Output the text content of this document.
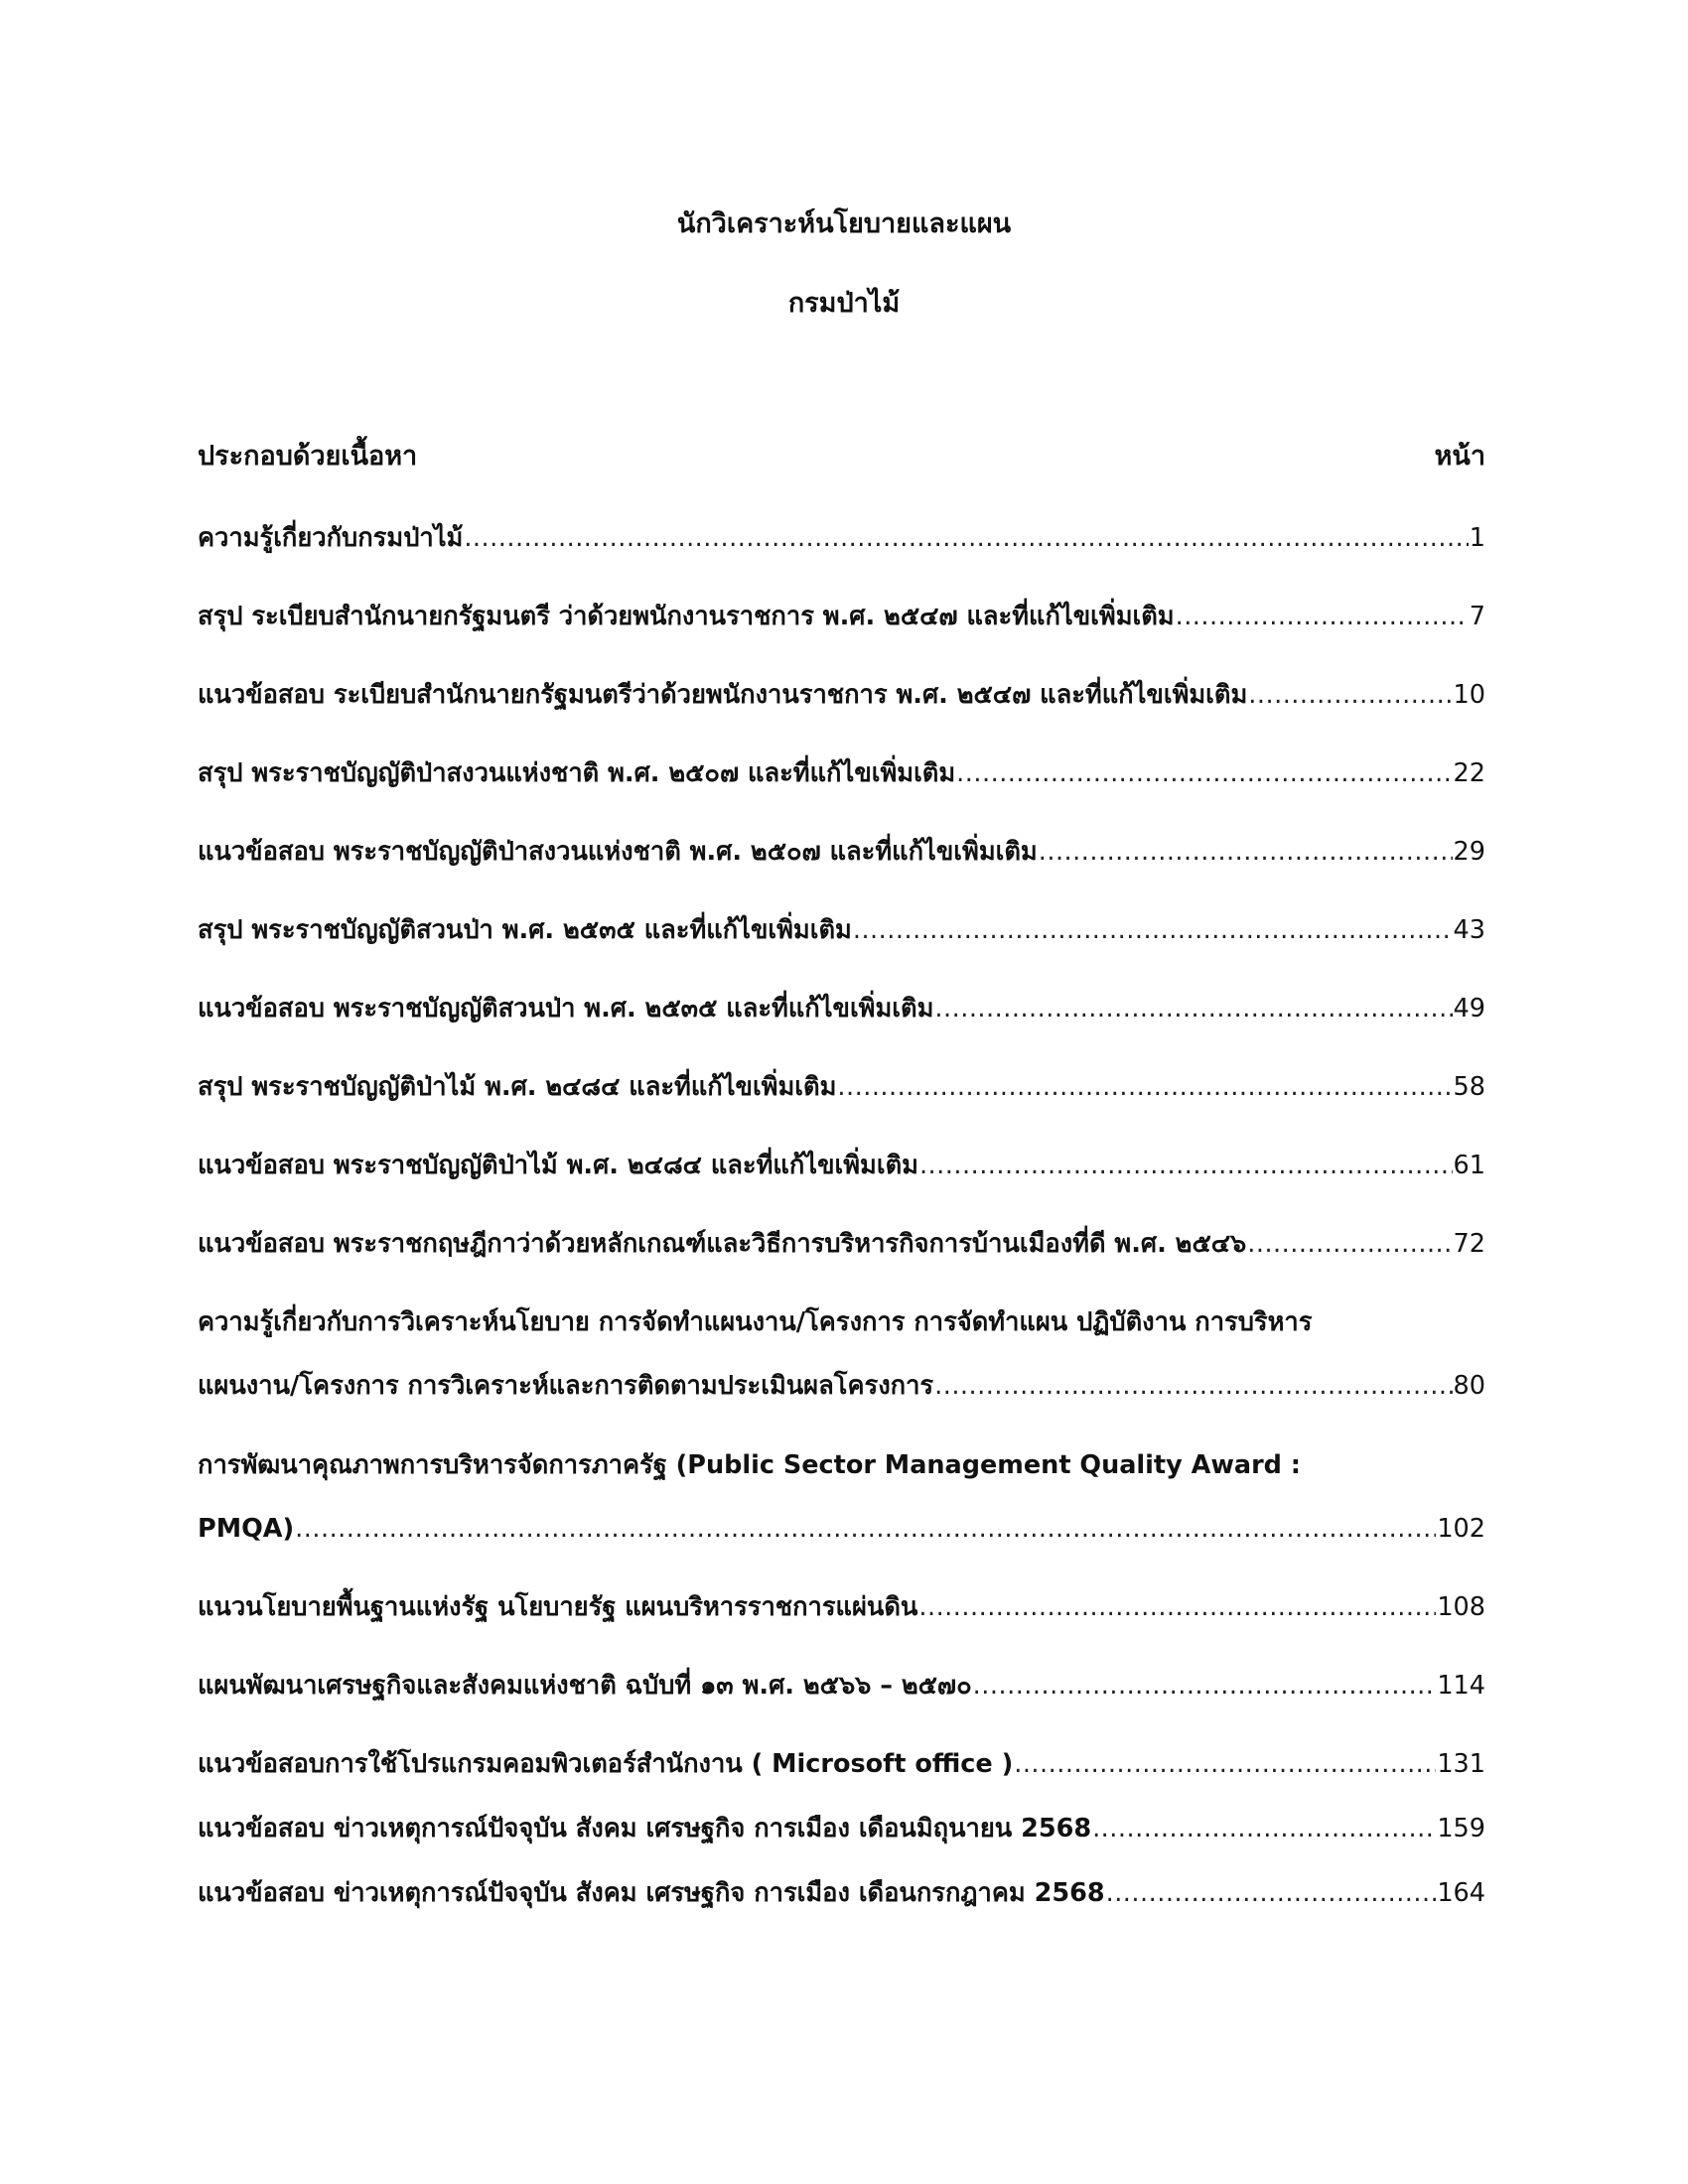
นักวิเคราะห์นโยบายและแผน
กรมป่าไม้
ประกอบด้วยเนื้อหา	หน้า
ความรู้เกี่ยวกับกรมป่าไม้ .....	1
สรุป ระเบียบสำนักนายกรัฐมนตรี ว่าด้วยพนักงานราชการ พ.ศ. ๒๕๔๗ และที่แก้ไขเพิ่มเติม .....	7
แนวข้อสอบ ระเบียบสำนักนายกรัฐมนตรีว่าด้วยพนักงานราชการ พ.ศ. ๒๕๔๗ และที่แก้ไขเพิ่มเติม .....	10
สรุป พระราชบัญญัติป่าสงวนแห่งชาติ พ.ศ. ๒๕๐๗ และที่แก้ไขเพิ่มเติม .....	22
แนวข้อสอบ พระราชบัญญัติป่าสงวนแห่งชาติ พ.ศ. ๒๕๐๗ และที่แก้ไขเพิ่มเติม .....	29
สรุป พระราชบัญญัติสวนป่า พ.ศ. ๒๕๓๕ และที่แก้ไขเพิ่มเติม .....	43
แนวข้อสอบ พระราชบัญญัติสวนป่า พ.ศ. ๒๕๓๕ และที่แก้ไขเพิ่มเติม .....	49
สรุป พระราชบัญญัติป่าไม้ พ.ศ. ๒๔๘๔ และที่แก้ไขเพิ่มเติม .....	58
แนวข้อสอบ พระราชบัญญัติป่าไม้ พ.ศ. ๒๔๘๔ และที่แก้ไขเพิ่มเติม .....	61
แนวข้อสอบ พระราชกฤษฎีกาว่าด้วยหลักเกณฑ์และวิธีการบริหารกิจการบ้านเมืองที่ดี พ.ศ. ๒๕๔๖ .....	72
ความรู้เกี่ยวกับการวิเคราะห์นโยบาย การจัดทำแผนงาน/โครงการ การจัดทำแผน ปฏิบัติงาน การบริหาร
แผนงาน/โครงการ การวิเคราะห์และการติดตามประเมินผลโครงการ .....	80
การพัฒนาคุณภาพการบริหารจัดการภาครัฐ (Public Sector Management Quality Award :
PMQA) .....	102
แนวนโยบายพื้นฐานแห่งรัฐ นโยบายรัฐ แผนบริหารราชการแผ่นดิน .....	108
แผนพัฒนาเศรษฐกิจและสังคมแห่งชาติ ฉบับที่ ๑๓ พ.ศ. ๒๕๖๖ – ๒๕๗๐ .....	114
แนวข้อสอบการใช้โปรแกรมคอมพิวเตอร์สำนักงาน ( Microsoft office ) .....	131
แนวข้อสอบ ข่าวเหตุการณ์ปัจจุบัน สังคม เศรษฐกิจ การเมือง เดือนมิถุนายน 2568 .....	159
แนวข้อสอบ ข่าวเหตุการณ์ปัจจุบัน สังคม เศรษฐกิจ การเมือง เดือนกรกฎาคม 2568 .....	164
